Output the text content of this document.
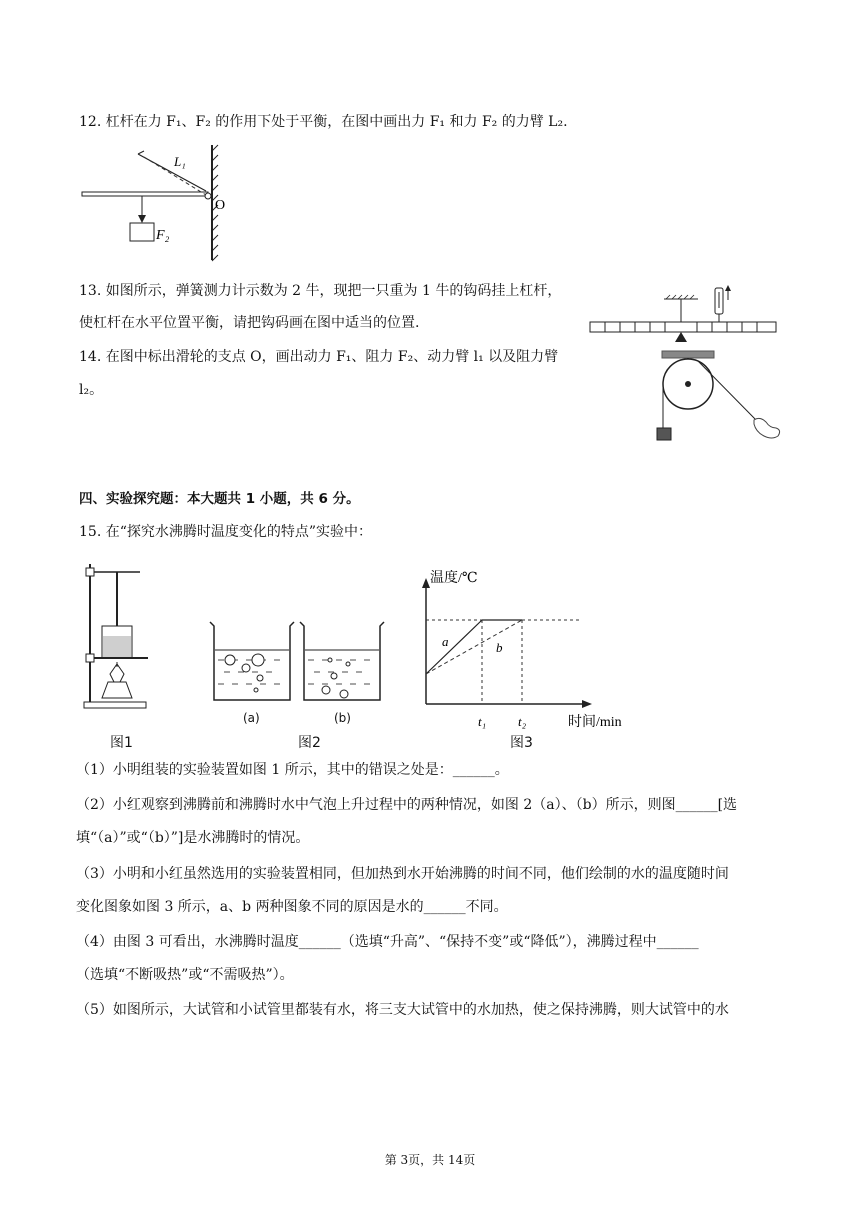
12. 杠杆在力 F₁、F₂ 的作用下处于平衡，在图中画出力 F₁ 和力 F₂ 的力臂 L₂.
L₁
O
F₂
13. 如图所示，弹簧测力计示数为 2 牛，现把一只重为 1 牛的钩码挂上杠杆，
使杠杆在水平位置平衡，请把钩码画在图中适当的位置.
14. 在图中标出滑轮的支点 O，画出动力 F₁、阻力 F₂、动力臂 l₁ 以及阻力臂
l₂。
四、实验探究题：本大题共 1 小题，共 6 分。
15. 在“探究水沸腾时温度变化的特点”实验中：
图1
(a)	(b)
图2
温度/℃
a	b
t₁ t₂	时间/min
图3
（1）小明组装的实验装置如图 1 所示，其中的错误之处是：______。
（2）小红观察到沸腾前和沸腾时水中气泡上升过程中的两种情况，如图 2（a）、（b）所示，则图______[选
填“（a）”或“（b）”]是水沸腾时的情况。
（3）小明和小红虽然选用的实验装置相同，但加热到水开始沸腾的时间不同，他们绘制的水的温度随时间
变化图象如图 3 所示，a、b 两种图象不同的原因是水的______不同。
（4）由图 3 可看出，水沸腾时温度______（选填“升高”、“保持不变”或“降低”），沸腾过程中______
（选填“不断吸热”或“不需吸热”）。
（5）如图所示，大试管和小试管里都装有水，将三支大试管中的水加热，使之保持沸腾，则大试管中的水
第 3页，共 14页
